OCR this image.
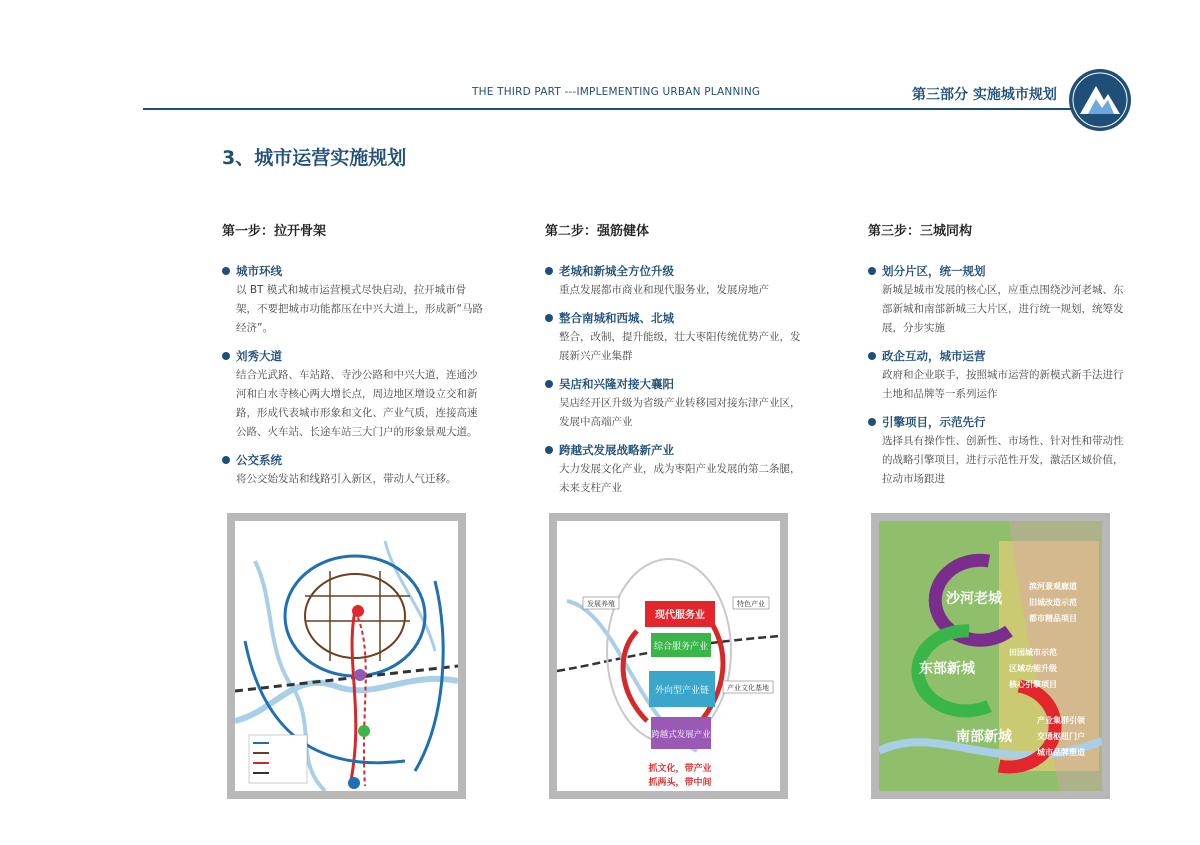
THE THIRD PART ---IMPLEMENTING URBAN PLANNING	第三部分 实施城市规划
3、城市运营实施规划
第一步：拉开骨架
城市环线
以 BT 模式和城市运营模式尽快启动，拉开城市骨架，不要把城市功能都压在中兴大道上，形成新“马路经济”。
刘秀大道
结合光武路、车站路、寺沙公路和中兴大道，连通沙河和白水寺核心两大增长点，周边地区增设立交和新路，形成代表城市形象和文化、产业气质，连接高速公路、火车站、长途车站三大门户的形象景观大道。
公交系统
将公交始发站和线路引入新区，带动人气迁移。
第二步：强筋健体
老城和新城全方位升级
重点发展都市商业和现代服务业，发展房地产
整合南城和西城、北城
整合，改制，提升能级，壮大枣阳传统优势产业，发展新兴产业集群
吴店和兴隆对接大襄阳
吴店经开区升级为省级产业转移园对接东津产业区，发展中高端产业
跨越式发展战略新产业
大力发展文化产业，成为枣阳产业发展的第二条腿，未来支柱产业
第三步：三城同构
划分片区，统一规划
新城是城市发展的核心区，应重点围绕沙河老城、东部新城和南部新城三大片区，进行统一规划，统筹发展，分步实施
政企互动，城市运营
政府和企业联手，按照城市运营的新模式新手法进行土地和品牌等一系列运作
引擎项目，示范先行
选择具有操作性、创新性、市场性、针对性和带动性的战略引擎项目，进行示范性开发，激活区域价值，拉动市场跟进
现代服务业
综合服务产业
外向型产业链
跨越式发展产业
抓文化，带产业
抓两头，带中间
发展养殖	特色产业
产业文化基地
沙河老城
东部新城
南部新城
滨河景观廊道
旧城改造示范
都市精品项目
田园城市示范
区域功能升级
核心引擎项目
产业集群引领
交通枢纽门户
城市品牌塑造
